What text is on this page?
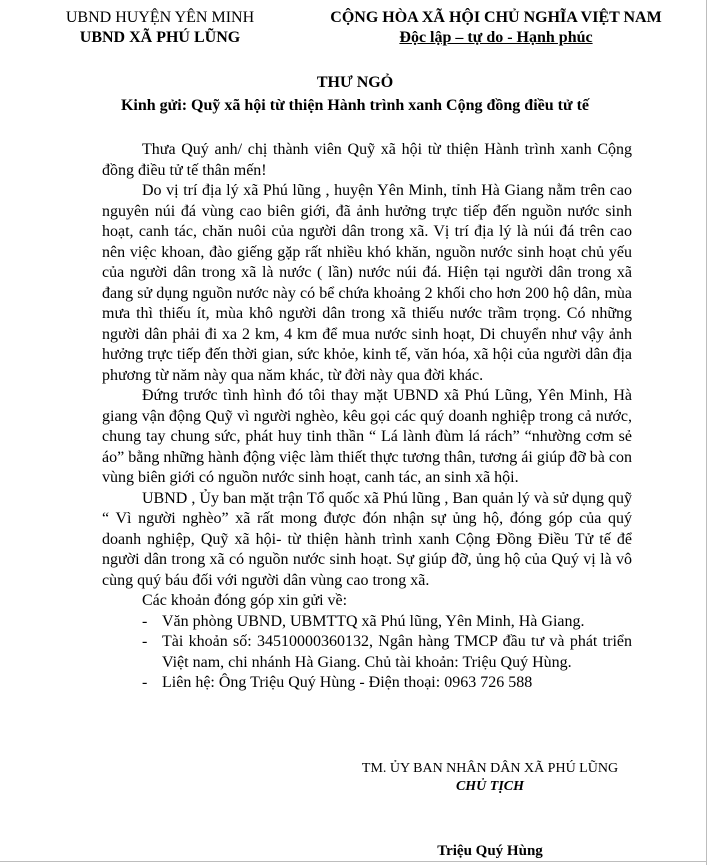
UBND HUYỆN YÊN MINH
UBND XÃ PHÚ LŨNG
CỘNG HÒA XÃ HỘI CHỦ NGHĨA VIỆT NAM
Độc lập – tự do - Hạnh phúc
THƯ NGỎ
Kinh gửi: Quỹ xã hội từ thiện Hành trình xanh Cộng đồng điều tử tế

Thưa Quý anh/ chị thành viên Quỹ xã hội từ thiện Hành trình xanh Cộng đồng điều tử tế thân mến!

Do vị trí địa lý xã Phú lũng , huyện Yên Minh, tỉnh Hà Giang nằm trên cao nguyên núi đá vùng cao biên giới, đã ảnh hưởng trực tiếp đến nguồn nước sinh hoạt, canh tác, chăn nuôi của người dân trong xã. Vị trí địa lý là núi đá trên cao nên việc khoan, đào giếng gặp rất nhiều khó khăn, nguồn nước sinh hoạt chủ yếu của người dân trong xã là nước ( lần) nước núi đá. Hiện tại người dân trong xã đang sử dụng nguồn nước này có bể chứa khoảng 2 khối cho hơn 200 hộ dân, mùa mưa thì thiếu ít, mùa khô người dân trong xã thiếu nước trầm trọng. Có những người dân phải đi xa 2 km, 4 km để mua nước sinh hoạt, Di chuyển như vậy ảnh hưởng trực tiếp đến thời gian, sức khỏe, kinh tế, văn hóa, xã hội của người dân địa phương từ năm này qua năm khác, từ đời này qua đời khác.

Đứng trước tình hình đó tôi thay mặt UBND xã Phú Lũng, Yên Minh, Hà giang vận động Quỹ vì người nghèo, kêu gọi các quý doanh nghiệp trong cả nước, chung tay chung sức, phát huy tinh thần “ Lá lành đùm lá rách” “nhường cơm sẻ áo” bằng những hành động việc làm thiết thực tương thân, tương ái giúp đỡ bà con vùng biên giới có nguồn nước sinh hoạt, canh tác, an sinh xã hội.

UBND , Ủy ban mặt trận Tổ quốc xã Phú lũng , Ban quản lý và sử dụng quỹ “ Vì người nghèo” xã rất mong được đón nhận sự ủng hộ, đóng góp của quý doanh nghiệp, Quỹ xã hội- từ thiện hành trình xanh Cộng Đồng Điều Tử tế để người dân trong xã có nguồn nước sinh hoạt. Sự giúp đỡ, ủng hộ của Quý vị là vô cùng quý báu đối với người dân vùng cao trong xã.

Các khoản đóng góp xin gửi về:

- Văn phòng UBND, UBMTTQ xã Phú lũng, Yên Minh, Hà Giang.
- Tài khoản số: 34510000360132, Ngân hàng TMCP đầu tư và phát triển Việt nam, chi nhánh Hà Giang. Chủ tài khoản: Triệu Quý Hùng.
- Liên hệ: Ông Triệu Quý Hùng - Điện thoại: 0963 726 588
TM. ỦY BAN NHÂN DÂN XÃ PHÚ LŨNG
CHỦ TỊCH
Triệu Quý Hùng
